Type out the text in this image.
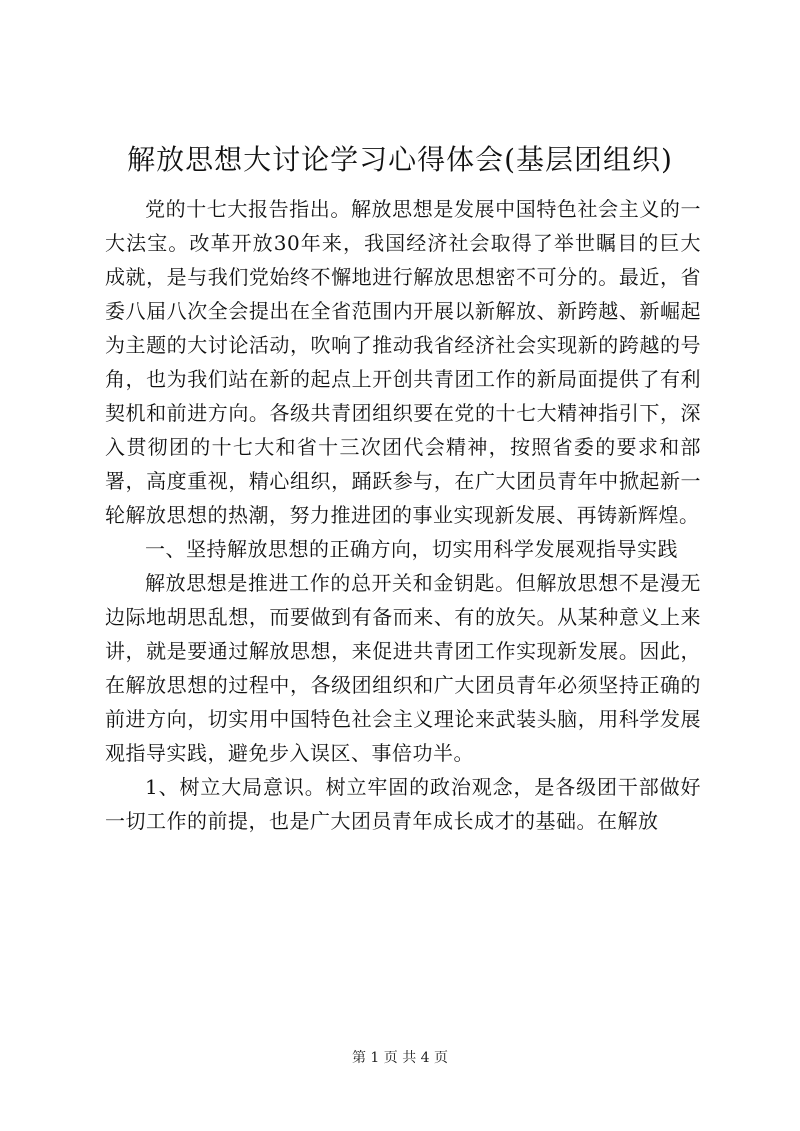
解放思想大讨论学习心得体会(基层团组织)

党的十七大报告指出。解放思想是发展中国特色社会主义的一大法宝。改革开放30年来，我国经济社会取得了举世瞩目的巨大成就，是与我们党始终不懈地进行解放思想密不可分的。最近，省委八届八次全会提出在全省范围内开展以新解放、新跨越、新崛起为主题的大讨论活动，吹响了推动我省经济社会实现新的跨越的号角，也为我们站在新的起点上开创共青团工作的新局面提供了有利契机和前进方向。各级共青团组织要在党的十七大精神指引下，深入贯彻团的十七大和省十三次团代会精神，按照省委的要求和部署，高度重视，精心组织，踊跃参与，在广大团员青年中掀起新一轮解放思想的热潮，努力推进团的事业实现新发展、再铸新辉煌。

一、坚持解放思想的正确方向，切实用科学发展观指导实践

解放思想是推进工作的总开关和金钥匙。但解放思想不是漫无边际地胡思乱想，而要做到有备而来、有的放矢。从某种意义上来讲，就是要通过解放思想，来促进共青团工作实现新发展。因此，在解放思想的过程中，各级团组织和广大团员青年必须坚持正确的前进方向，切实用中国特色社会主义理论来武装头脑，用科学发展观指导实践，避免步入误区、事倍功半。

1、树立大局意识。树立牢固的政治观念，是各级团干部做好一切工作的前提，也是广大团员青年成长成才的基础。在解放

第 1 页 共 4 页
